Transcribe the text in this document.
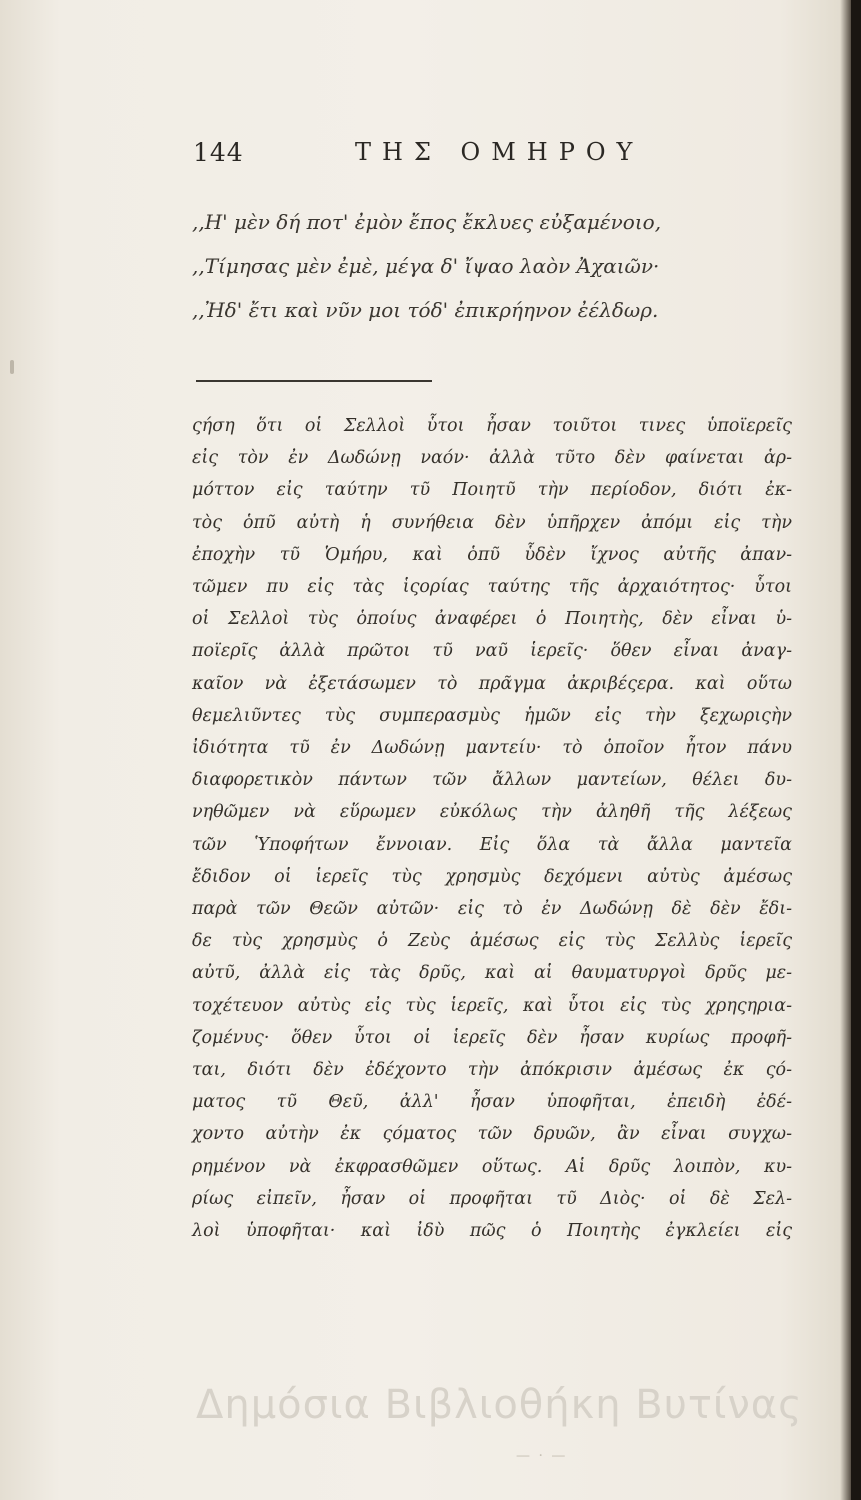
144	ΤΗΣ ΟΜΗΡΟΥ
,,Η' μὲν δή ποτ' ἐμὸν ἔπος ἔκλυες εὐξαμένοιο,
,,Τίμησας μὲν ἐμὲ, μέγα δ' ἴψαο λαὸν Ἀχαιῶν·
,,Ἠδ' ἔτι καὶ νῦν μοι τόδ' ἐπικρήηνον ἐέλδωρ.
ςήση ὅτι οἱ Σελλοὶ ὗτοι ἦσαν τοιῦτοι τινες ὑποϊερεῖς
εἰς τὸν ἐν Δωδώνῃ ναόν· ἀλλὰ τῦτο δὲν φαίνεται ἁρ-
μόττον εἰς ταύτην τῦ Ποιητῦ τὴν περίοδον, διότι ἐκ-
τὸς ὁπῦ αὐτὴ ἡ συνήθεια δὲν ὑπῆρχεν ἀπόμι εἰς τὴν
ἐποχὴν τῦ Ὁμήρυ, καὶ ὁπῦ ὗδὲν ἴχνος αὐτῆς ἀπαν-
τῶμεν πυ εἰς τὰς ἱςορίας ταύτης τῆς ἀρχαιότητος· ὗτοι
οἱ Σελλοὶ τὺς ὁποίυς ἀναφέρει ὁ Ποιητὴς, δὲν εἶναι ὑ-
ποϊερῖς ἀλλὰ πρῶτοι τῦ ναῦ ἱερεῖς· ὅθεν εἶναι ἀναγ-
καῖον νὰ ἐξετάσωμεν τὸ πρᾶγμα ἀκριβέςερα. καὶ οὕτω
θεμελιῦντες τὺς συμπερασμὺς ἡμῶν εἰς τὴν ξεχωριςὴν
ἰδιότητα τῦ ἐν Δωδώνῃ μαντείυ· τὸ ὁποῖον ἦτον πάνυ
διαφορετικὸν πάντων τῶν ἄλλων μαντείων, θέλει δυ-
νηθῶμεν νὰ εὕρωμεν εὐκόλως τὴν ἀληθῆ τῆς λέξεως
τῶν Ὑποφήτων ἔννοιαν. Εἰς ὅλα τὰ ἄλλα μαντεῖα
ἔδιδον οἱ ἱερεῖς τὺς χρησμὺς δεχόμενι αὐτὺς ἀμέσως
παρὰ τῶν Θεῶν αὐτῶν· εἰς τὸ ἐν Δωδώνῃ δὲ δὲν ἔδι-
δε τὺς χρησμὺς ὁ Ζεὺς ἀμέσως εἰς τὺς Σελλὺς ἱερεῖς
αὐτῦ, ἀλλὰ εἰς τὰς δρῦς, καὶ αἱ θαυματυργοὶ δρῦς με-
τοχέτευον αὐτὺς εἰς τὺς ἱερεῖς, καὶ ὗτοι εἰς τὺς χρηςηρια-
ζομένυς· ὅθεν ὗτοι οἱ ἱερεῖς δὲν ἦσαν κυρίως προφῆ-
ται, διότι δὲν ἐδέχοντο τὴν ἀπόκρισιν ἀμέσως ἐκ ςό-
ματος τῦ Θεῦ, ἀλλ' ἦσαν ὑποφῆται, ἐπειδὴ ἐδέ-
χοντο αὐτὴν ἐκ ςόματος τῶν δρυῶν, ἂν εἶναι συγχω-
ρημένον νὰ ἐκφρασθῶμεν οὕτως. Αἱ δρῦς λοιπὸν, κυ-
ρίως εἰπεῖν, ἦσαν οἱ προφῆται τῦ Διὸς· οἱ δὲ Σελ-
λοὶ ὑποφῆται· καὶ ἰδὺ πῶς ὁ Ποιητὴς ἐγκλείει εἰς
Δημόσια Βιβλιοθήκη Βυτίνας
— · —
